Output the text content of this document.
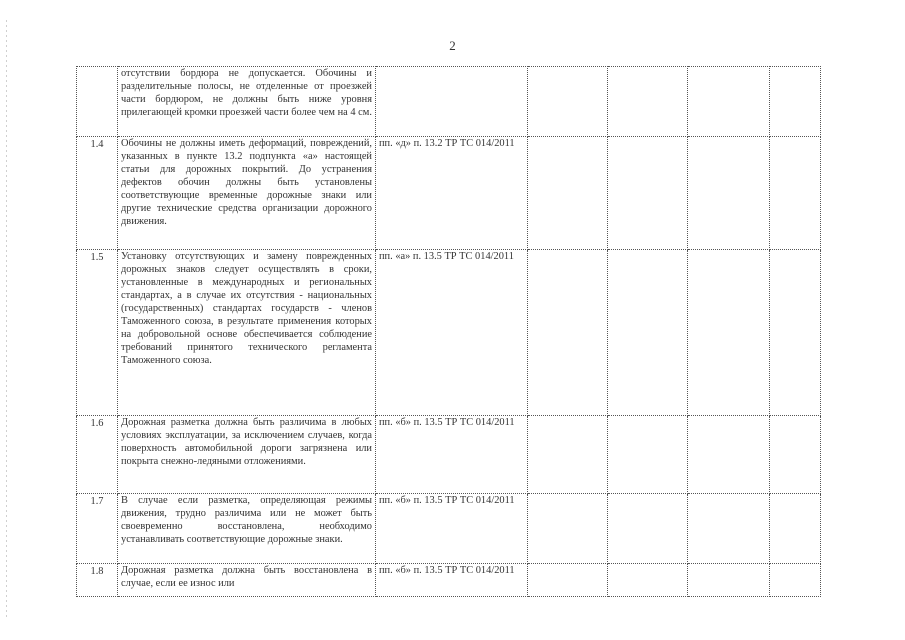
2
	отсутствии бордюра не допускается. Обочины и разделительные полосы, не отделенные от проезжей части бордюром, не должны быть ниже уровня прилегающей кромки проезжей части более чем на 4 см.					
1.4	Обочины не должны иметь деформаций, повреждений, указанных в пункте 13.2 подпункта «а» настоящей статьи для дорожных покрытий. До устранения дефектов обочин должны быть установлены соответствующие временные дорожные знаки или другие технические средства организации дорожного движения.	пп. «д» п. 13.2 ТР ТС 014/2011				
1.5	Установку отсутствующих и замену поврежденных дорожных знаков следует осуществлять в сроки, установленные в международных и региональных стандартах, а в случае их отсутствия - национальных (государственных) стандартах государств - членов Таможенного союза, в результате применения которых на добровольной основе обеспечивается соблюдение требований принятого технического регламента Таможенного союза.	пп. «а» п. 13.5 ТР ТС 014/2011				
1.6	Дорожная разметка должна быть различима в любых условиях эксплуатации, за исключением случаев, когда поверхность автомобильной дороги загрязнена или покрыта снежно-ледяными отложениями.	пп. «б» п. 13.5 ТР ТС 014/2011				
1.7	В случае если разметка, определяющая режимы движения, трудно различима или не может быть своевременно восстановлена, необходимо устанавливать соответствующие дорожные знаки.	пп. «б» п. 13.5 ТР ТС 014/2011				
1.8	Дорожная разметка должна быть восстановлена в случае, если ее износ или	пп. «б» п. 13.5 ТР ТС 014/2011				
